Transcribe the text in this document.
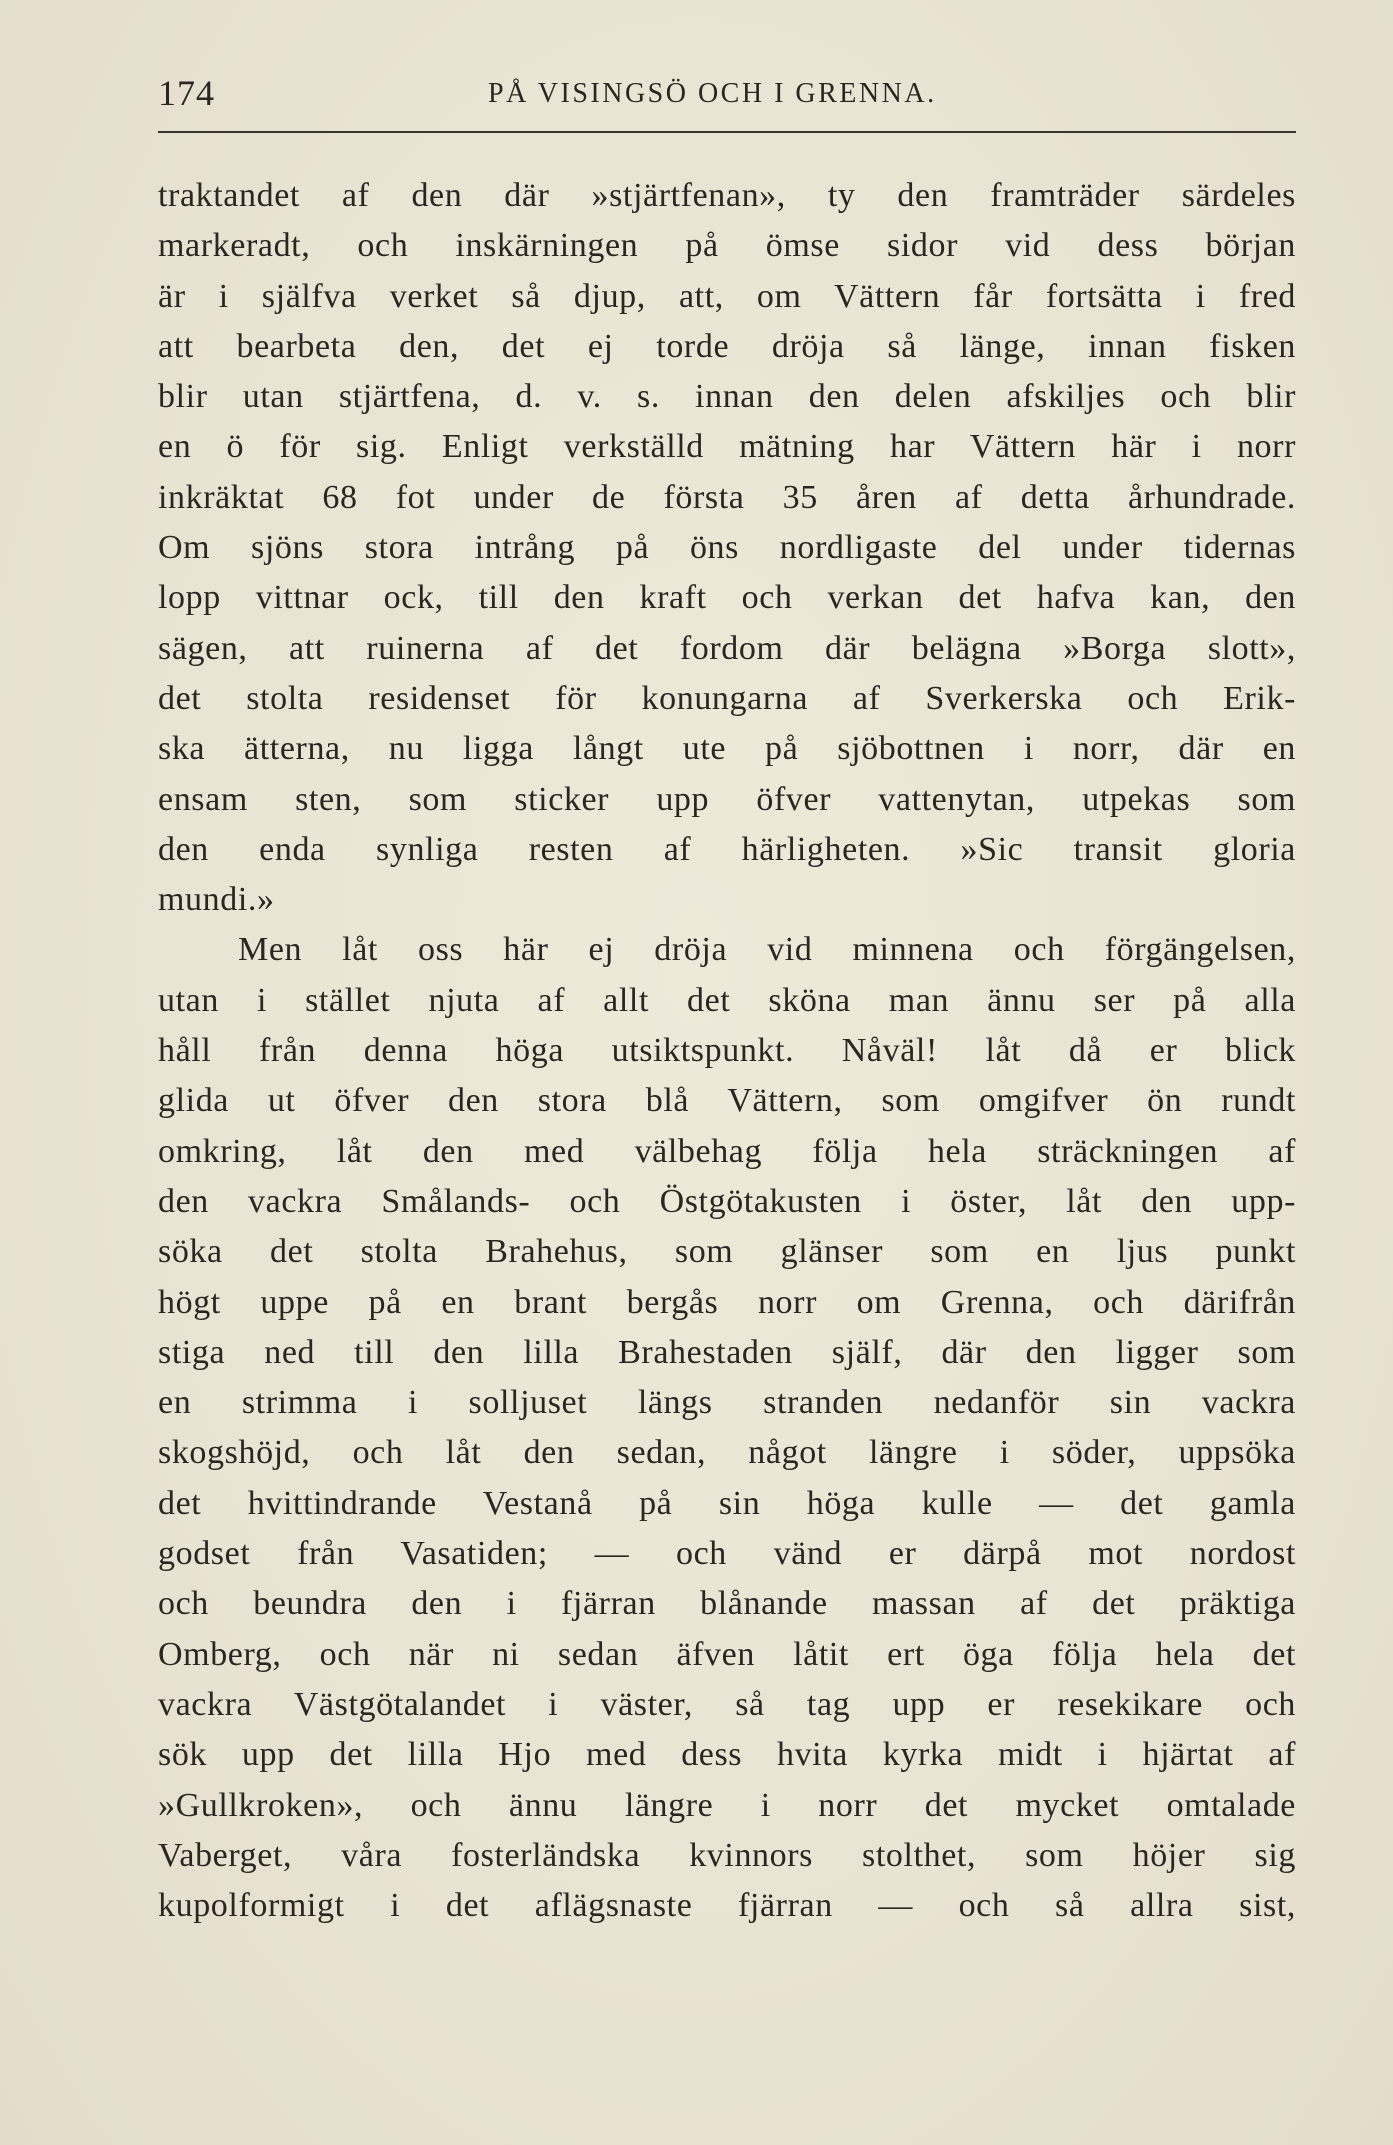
174	PÅ VISINGSÖ OCH I GRENNA.
traktandet af den där »stjärtfenan», ty den framträder särdeles
markeradt, och inskärningen på ömse sidor vid dess början
är i själfva verket så djup, att, om Vättern får fortsätta i fred
att bearbeta den, det ej torde dröja så länge, innan fisken
blir utan stjärtfena, d. v. s. innan den delen afskiljes och blir
en ö för sig. Enligt verkställd mätning har Vättern här i norr
inkräktat 68 fot under de första 35 åren af detta århundrade.
Om sjöns stora intrång på öns nordligaste del under tidernas
lopp vittnar ock, till den kraft och verkan det hafva kan, den
sägen, att ruinerna af det fordom där belägna »Borga slott»,
det stolta residenset för konungarna af Sverkerska och Erik-
ska ätterna, nu ligga långt ute på sjöbottnen i norr, där en
ensam sten, som sticker upp öfver vattenytan, utpekas som
den enda synliga resten af härligheten. »Sic transit gloria
mundi.»
Men låt oss här ej dröja vid minnena och förgängelsen,
utan i stället njuta af allt det sköna man ännu ser på alla
håll från denna höga utsiktspunkt. Nåväl! låt då er blick
glida ut öfver den stora blå Vättern, som omgifver ön rundt
omkring, låt den med välbehag följa hela sträckningen af
den vackra Smålands- och Östgötakusten i öster, låt den upp-
söka det stolta Brahehus, som glänser som en ljus punkt
högt uppe på en brant bergås norr om Grenna, och därifrån
stiga ned till den lilla Brahestaden själf, där den ligger som
en strimma i solljuset längs stranden nedanför sin vackra
skogshöjd, och låt den sedan, något längre i söder, uppsöka
det hvittindrande Vestanå på sin höga kulle — det gamla
godset från Vasatiden; — och vänd er därpå mot nordost
och beundra den i fjärran blånande massan af det präktiga
Omberg, och när ni sedan äfven låtit ert öga följa hela det
vackra Västgötalandet i väster, så tag upp er resekikare och
sök upp det lilla Hjo med dess hvita kyrka midt i hjärtat af
»Gullkroken», och ännu längre i norr det mycket omtalade
Vaberget, våra fosterländska kvinnors stolthet, som höjer sig
kupolformigt i det aflägsnaste fjärran — och så allra sist,
